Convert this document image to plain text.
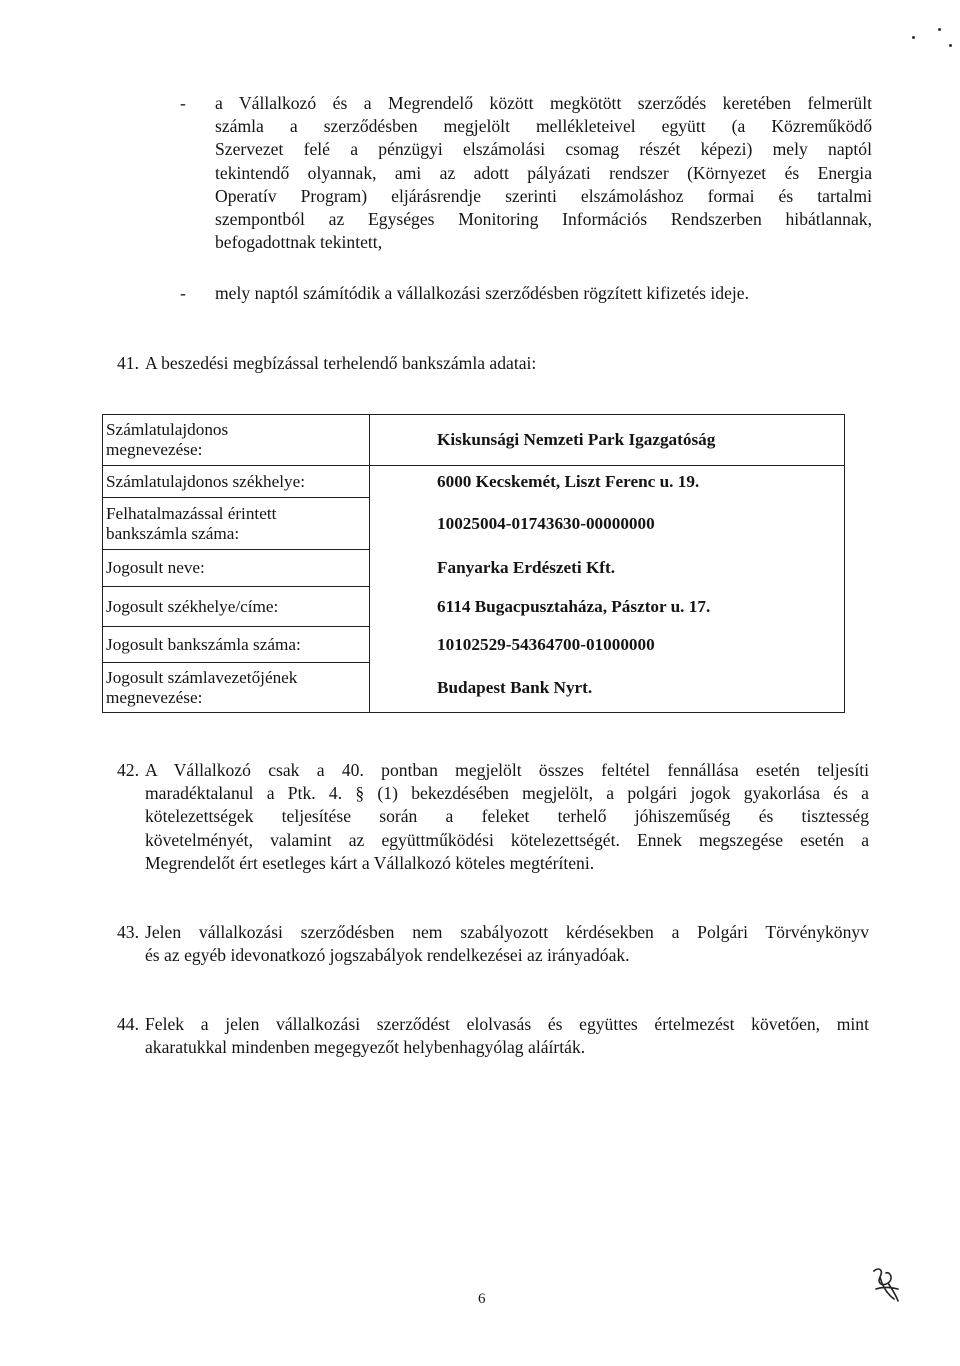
- a Vállalkozó és a Megrendelő között megkötött szerződés keretében felmerült

számla a szerződésben megjelölt mellékleteivel együtt (a Közreműködő

Szervezet felé a pénzügyi elszámolási csomag részét képezi) mely naptól

tekintendő olyannak, ami az adott pályázati rendszer (Környezet és Energia

Operatív Program) eljárásrendje szerinti elszámoláshoz formai és tartalmi

szempontból az Egységes Monitoring Információs Rendszerben hibátlannak,

befogadottnak tekintett,

- mely naptól számítódik a vállalkozási szerződésben rögzített kifizetés ideje.

41. A beszedési megbízással terhelendő bankszámla adatai:
Számlatulajdonos
megnevezése:	Kiskunsági Nemzeti Park Igazgatóság

Számlatulajdonos székhelye:	6000 Kecskemét, Liszt Ferenc u. 19.

Felhatalmazással érintett
bankszámla száma:	10025004-01743630-00000000

Jogosult neve:	Fanyarka Erdészeti Kft.

Jogosult székhelye/címe:	6114 Bugacpusztaháza, Pásztor u. 17.

Jogosult bankszámla száma:	10102529-54364700-01000000

Jogosult számlavezetőjének
megnevezése:	Budapest Bank Nyrt.
42. A Vállalkozó csak a 40. pontban megjelölt összes feltétel fennállása esetén teljesíti

maradéktalanul a Ptk. 4. § (1) bekezdésében megjelölt, a polgári jogok gyakorlása és a

kötelezettségek teljesítése során a feleket terhelő jóhiszeműség és tisztesség

követelményét, valamint az együttműködési kötelezettségét. Ennek megszegése esetén a

Megrendelőt ért esetleges kárt a Vállalkozó köteles megtéríteni.

43. Jelen vállalkozási szerződésben nem szabályozott kérdésekben a Polgári Törvénykönyv

és az egyéb idevonatkozó jogszabályok rendelkezései az irányadóak.

44. Felek a jelen vállalkozási szerződést elolvasás és együttes értelmezést követően, mint

akaratukkal mindenben megegyezőt helybenhagyólag aláírták.

6
